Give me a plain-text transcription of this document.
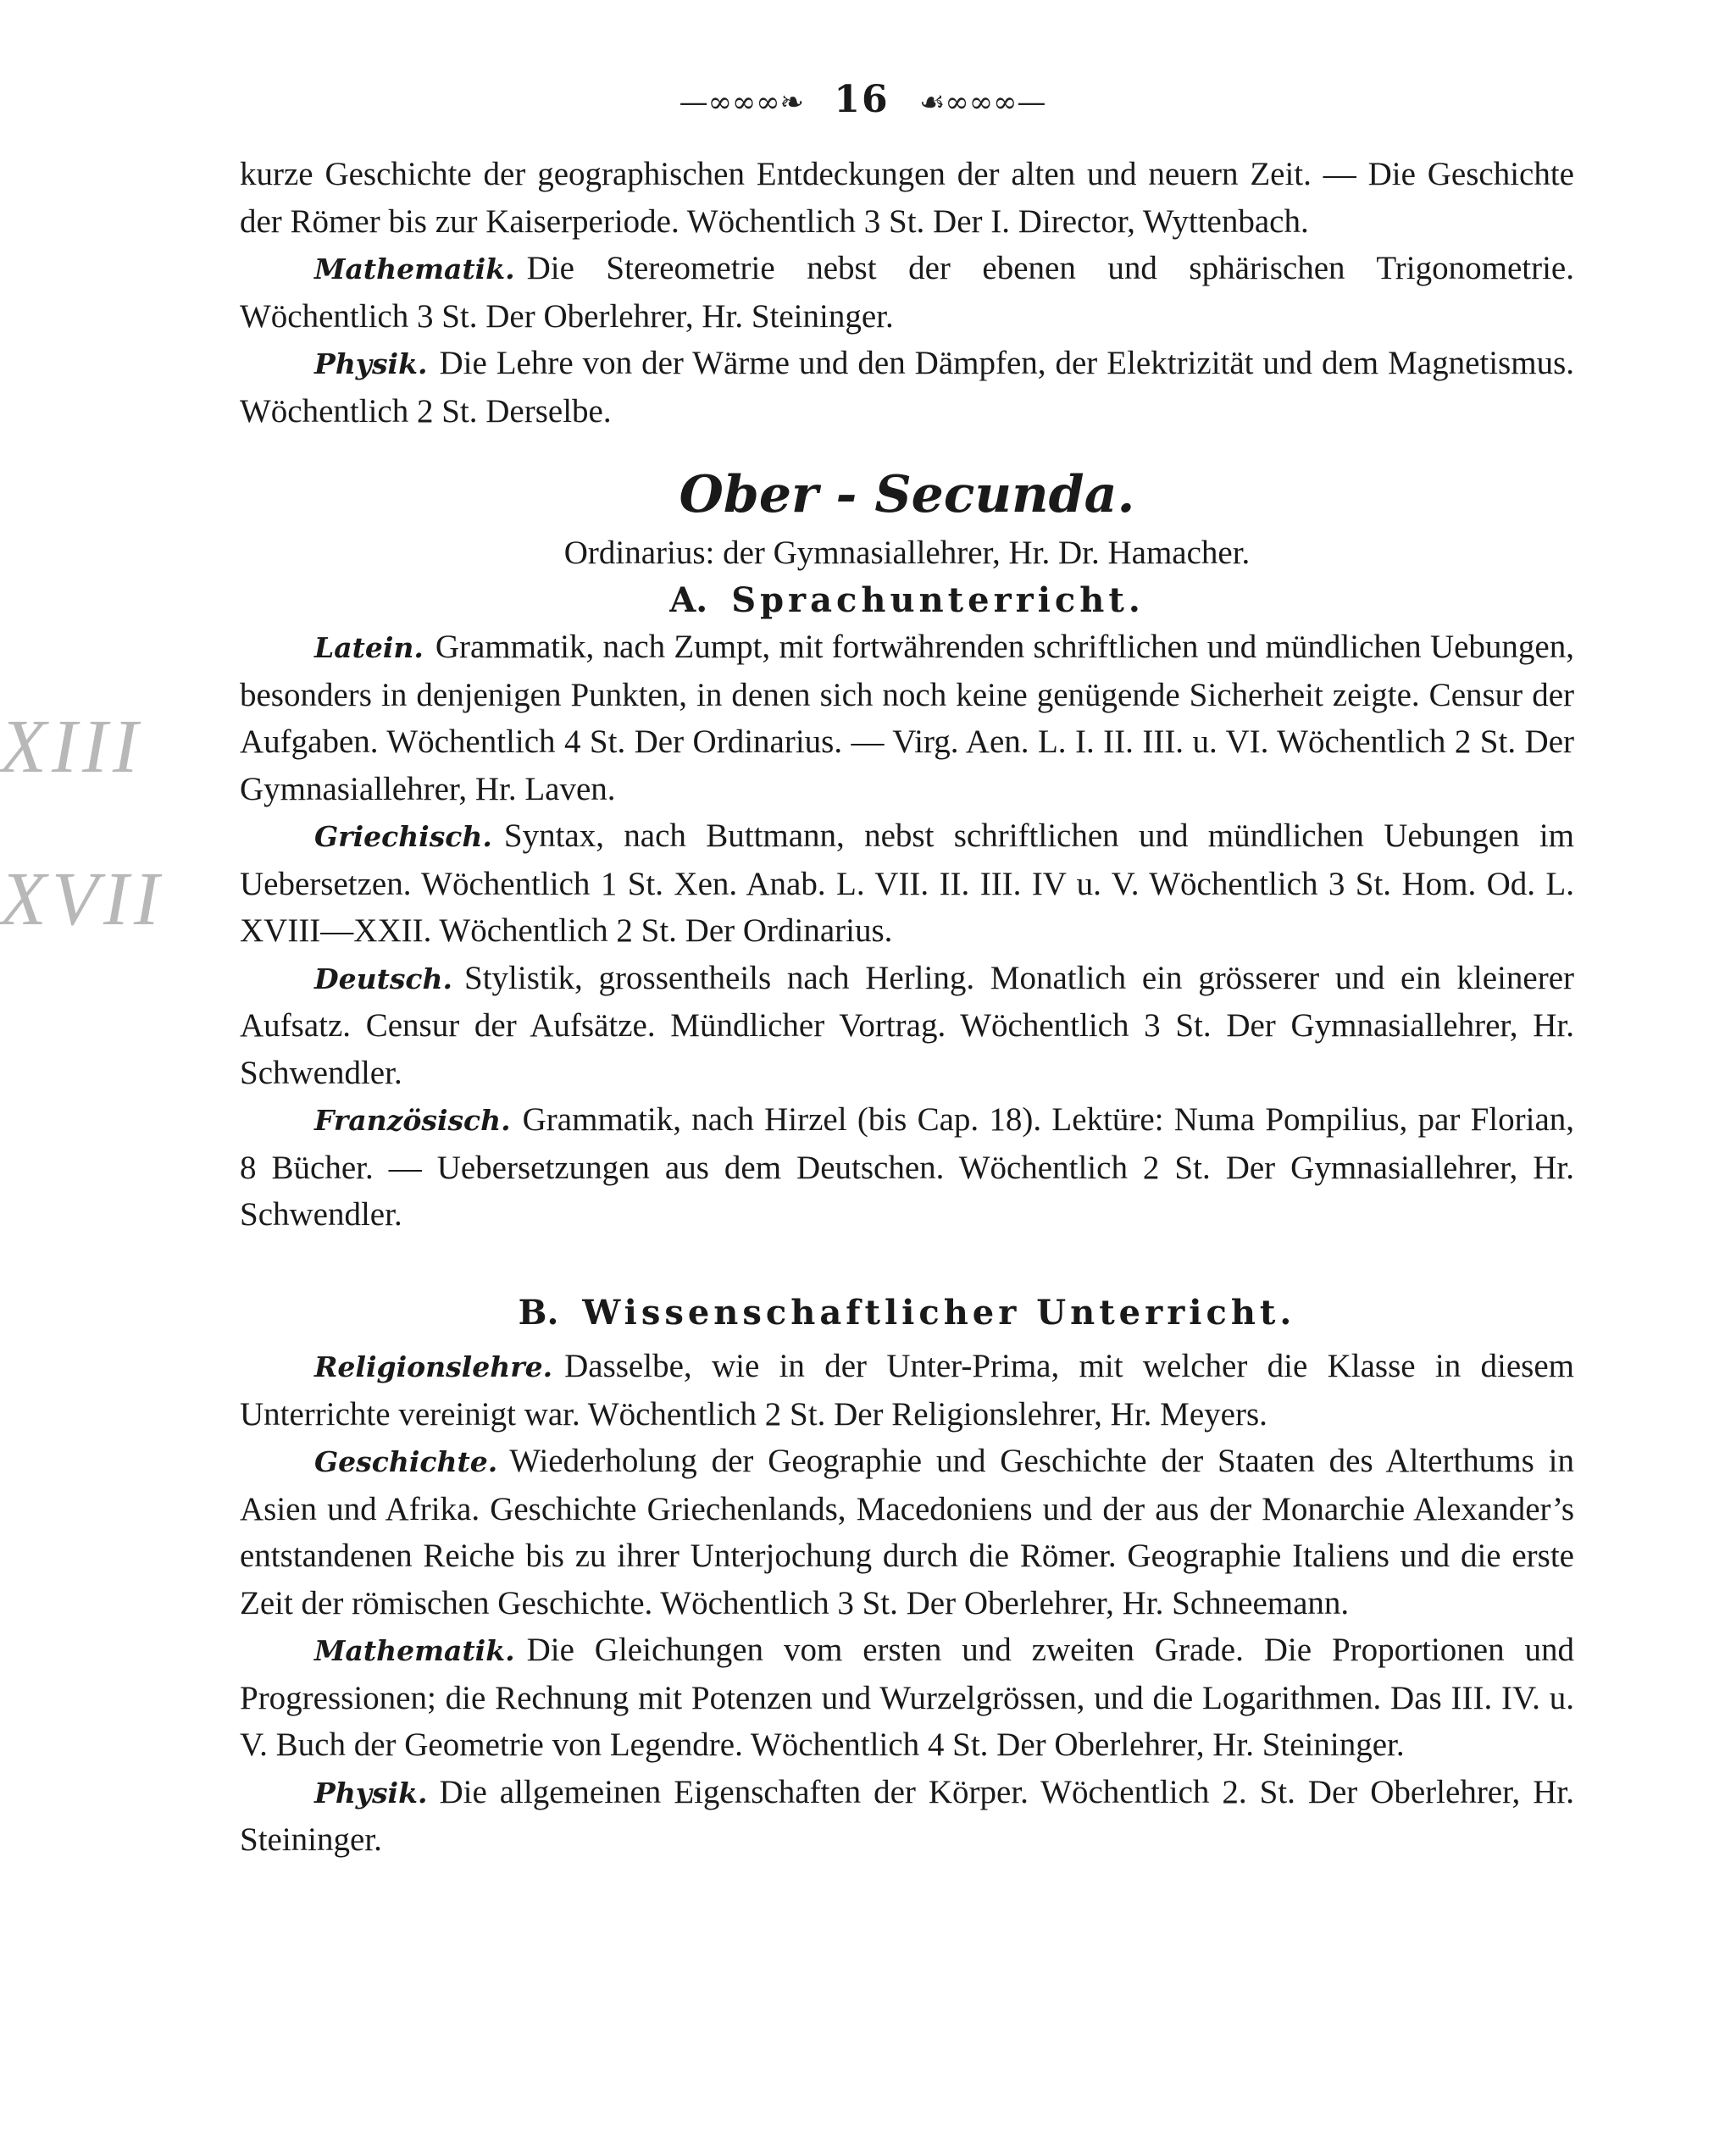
XIII
XVII
—∞∞∞❧ 16 ☙∞∞∞—

kurze Geschichte der geographischen Entdeckungen der alten und neuern Zeit. — Die Geschichte der Römer bis zur Kaiserperiode. Wöchentlich 3 St. Der I. Director, Wyttenbach.

Mathematik. Die Stereometrie nebst der ebenen und sphärischen Trigonometrie. Wöchentlich 3 St. Der Oberlehrer, Hr. Steininger.

Physik. Die Lehre von der Wärme und den Dämpfen, der Elektrizität und dem Magnetismus. Wöchentlich 2 St. Derselbe.

Ober - Secunda.

Ordinarius: der Gymnasiallehrer, Hr. Dr. Hamacher.

A. Sprachunterricht.

Latein. Grammatik, nach Zumpt, mit fortwährenden schriftlichen und mündlichen Uebungen, besonders in denjenigen Punkten, in denen sich noch keine genügende Sicherheit zeigte. Censur der Aufgaben. Wöchentlich 4 St. Der Ordinarius. — Virg. Aen. L. I. II. III. u. VI. Wöchentlich 2 St. Der Gymnasiallehrer, Hr. Laven.

Griechisch. Syntax, nach Buttmann, nebst schriftlichen und mündlichen Uebungen im Uebersetzen. Wöchentlich 1 St. Xen. Anab. L. VII. II. III. IV u. V. Wöchentlich 3 St. Hom. Od. L. XVIII—XXII. Wöchentlich 2 St. Der Ordinarius.

Deutsch. Stylistik, grossentheils nach Herling. Monatlich ein grösserer und ein kleinerer Aufsatz. Censur der Aufsätze. Mündlicher Vortrag. Wöchentlich 3 St. Der Gymnasiallehrer, Hr. Schwendler.

Französisch. Grammatik, nach Hirzel (bis Cap. 18). Lektüre: Numa Pompilius, par Florian, 8 Bücher. — Uebersetzungen aus dem Deutschen. Wöchentlich 2 St. Der Gymnasiallehrer, Hr. Schwendler.

B. Wissenschaftlicher Unterricht.

Religionslehre. Dasselbe, wie in der Unter-Prima, mit welcher die Klasse in diesem Unterrichte vereinigt war. Wöchentlich 2 St. Der Religionslehrer, Hr. Meyers.

Geschichte. Wiederholung der Geographie und Geschichte der Staaten des Alterthums in Asien und Afrika. Geschichte Griechenlands, Macedoniens und der aus der Monarchie Alexander’s entstandenen Reiche bis zu ihrer Unterjochung durch die Römer. Geographie Italiens und die erste Zeit der römischen Geschichte. Wöchentlich 3 St. Der Oberlehrer, Hr. Schneemann.

Mathematik. Die Gleichungen vom ersten und zweiten Grade. Die Proportionen und Progressionen; die Rechnung mit Potenzen und Wurzelgrössen, und die Logarithmen. Das III. IV. u. V. Buch der Geometrie von Legendre. Wöchentlich 4 St. Der Oberlehrer, Hr. Steininger.

Physik. Die allgemeinen Eigenschaften der Körper. Wöchentlich 2. St. Der Oberlehrer, Hr. Steininger.
